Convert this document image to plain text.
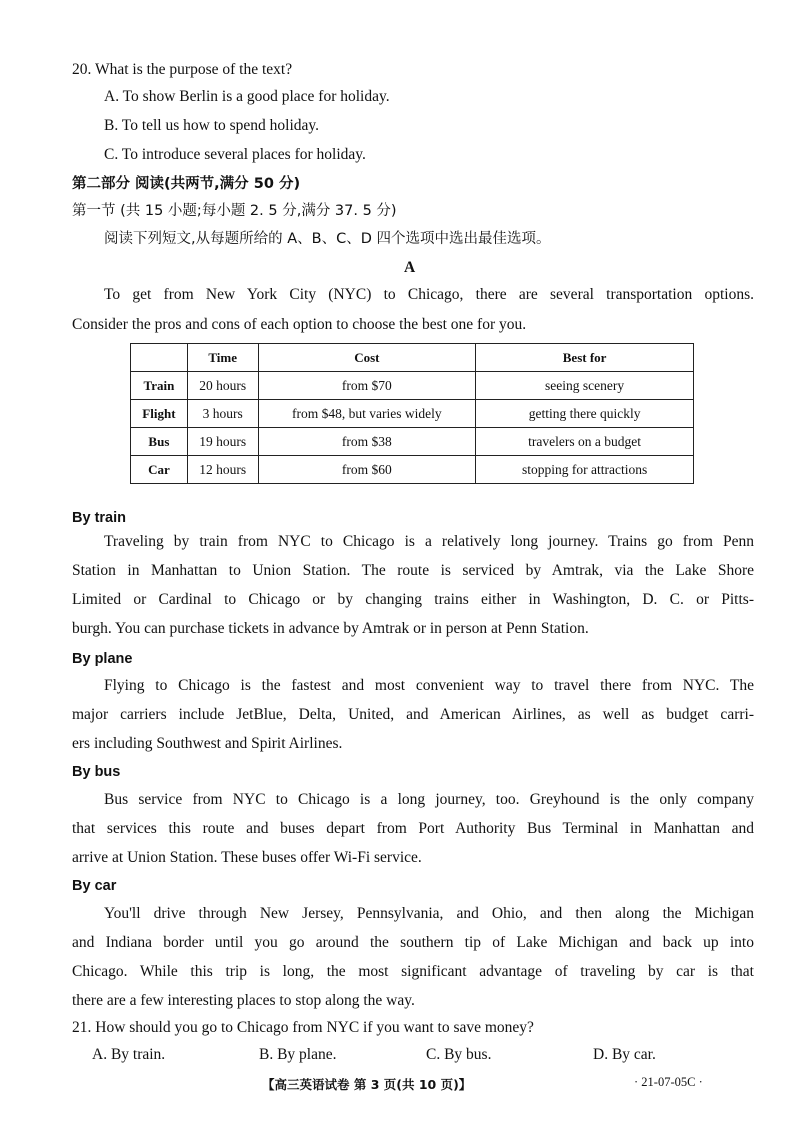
20. What is the purpose of the text?
A. To show Berlin is a good place for holiday.
B. To tell us how to spend holiday.
C. To introduce several places for holiday.
第二部分 阅读(共两节,满分 50 分)
第一节 (共 15 小题;每小题 2. 5 分,满分 37. 5 分)
阅读下列短文,从每题所给的 A、B、C、D 四个选项中选出最佳选项。
A
To get from New York City (NYC) to Chicago, there are several transportation options.
Consider the pros and cons of each option to choose the best one for you.
	Time	Cost	Best for
Train	20 hours	from $70	seeing scenery
Flight	3 hours	from $48, but varies widely	getting there quickly
Bus	19 hours	from $38	travelers on a budget
Car	12 hours	from $60	stopping for attractions
By train
Traveling by train from NYC to Chicago is a relatively long journey. Trains go from Penn
Station in Manhattan to Union Station. The route is serviced by Amtrak, via the Lake Shore
Limited or Cardinal to Chicago or by changing trains either in Washington, D. C. or Pitts-
burgh. You can purchase tickets in advance by Amtrak or in person at Penn Station.
By plane
Flying to Chicago is the fastest and most convenient way to travel there from NYC. The
major carriers include JetBlue, Delta, United, and American Airlines, as well as budget carri-
ers including Southwest and Spirit Airlines.
By bus
Bus service from NYC to Chicago is a long journey, too. Greyhound is the only company
that services this route and buses depart from Port Authority Bus Terminal in Manhattan and
arrive at Union Station. These buses offer Wi-Fi service.
By car
You'll drive through New Jersey, Pennsylvania, and Ohio, and then along the Michigan
and Indiana border until you go around the southern tip of Lake Michigan and back up into
Chicago. While this trip is long, the most significant advantage of traveling by car is that
there are a few interesting places to stop along the way.
21. How should you go to Chicago from NYC if you want to save money?
A. By train.	B. By plane.	C. By bus.	D. By car.
【高三英语试卷 第 3 页(共 10 页)】	· 21-07-05C ·
